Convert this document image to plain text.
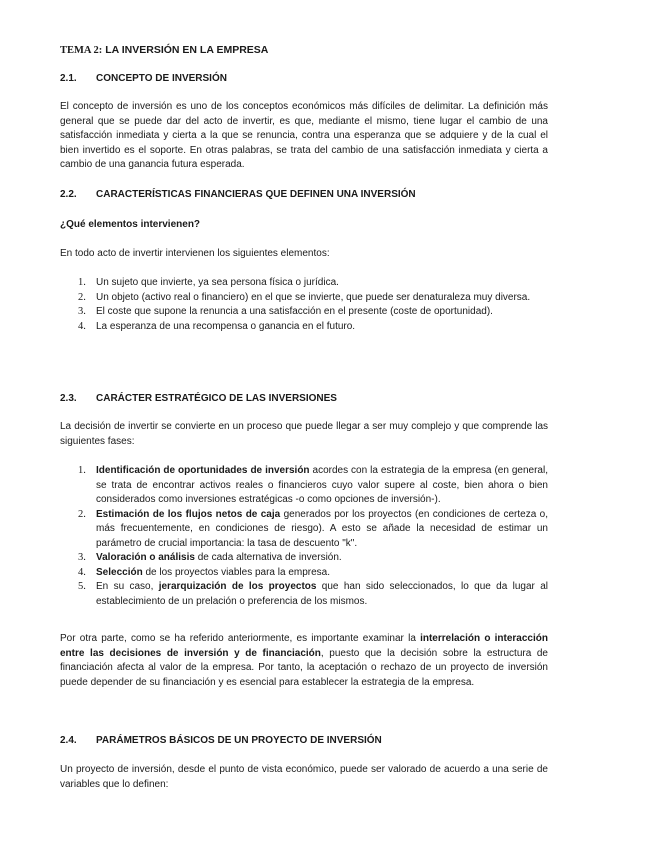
TEMA 2: LA INVERSIÓN EN LA EMPRESA

2.1. CONCEPTO DE INVERSIÓN

El concepto de inversión es uno de los conceptos económicos más difíciles de delimitar. La definición más general que se puede dar del acto de invertir, es que, mediante el mismo, tiene lugar el cambio de una satisfacción inmediata y cierta a la que se renuncia, contra una esperanza que se adquiere y de la cual el bien invertido es el soporte. En otras palabras, se trata del cambio de una satisfacción inmediata y cierta a cambio de una ganancia futura esperada.

2.2. CARACTERÍSTICAS FINANCIERAS QUE DEFINEN UNA INVERSIÓN

¿Qué elementos intervienen?

En todo acto de invertir intervienen los siguientes elementos:

1. Un sujeto que invierte, ya sea persona física o jurídica.
2. Un objeto (activo real o financiero) en el que se invierte, que puede ser denaturaleza muy diversa.
3. El coste que supone la renuncia a una satisfacción en el presente (coste de oportunidad).
4. La esperanza de una recompensa o ganancia en el futuro.

2.3. CARÁCTER ESTRATÉGICO DE LAS INVERSIONES

La decisión de invertir se convierte en un proceso que puede llegar a ser muy complejo y que comprende las siguientes fases:

1. Identificación de oportunidades de inversión acordes con la estrategia de la empresa (en general, se trata de encontrar activos reales o financieros cuyo valor supere al coste, bien ahora o bien considerados como inversiones estratégicas -o como opciones de inversión-).
2. Estimación de los flujos netos de caja generados por los proyectos (en condiciones de certeza o, más frecuentemente, en condiciones de riesgo). A esto se añade la necesidad de estimar un parámetro de crucial importancia: la tasa de descuento "k".
3. Valoración o análisis de cada alternativa de inversión.
4. Selección de los proyectos viables para la empresa.
5. En su caso, jerarquización de los proyectos que han sido seleccionados, lo que da lugar al establecimiento de un prelación o preferencia de los mismos.

Por otra parte, como se ha referido anteriormente, es importante examinar la interrelación o interacción entre las decisiones de inversión y de financiación, puesto que la decisión sobre la estructura de financiación afecta al valor de la empresa. Por tanto, la aceptación o rechazo de un proyecto de inversión puede depender de su financiación y es esencial para establecer la estrategia de la empresa.

2.4. PARÁMETROS BÁSICOS DE UN PROYECTO DE INVERSIÓN

Un proyecto de inversión, desde el punto de vista económico, puede ser valorado de acuerdo a una serie de variables que lo definen:
